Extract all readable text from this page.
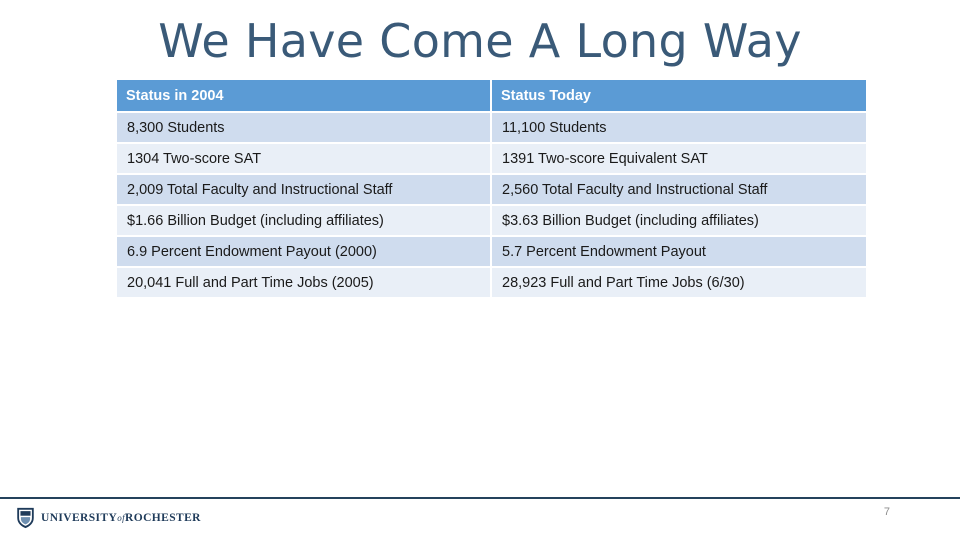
We Have Come A Long Way
Status in 2004	Status Today
8,300 Students	11,100 Students
1304 Two-score SAT	1391 Two-score Equivalent SAT
2,009 Total Faculty and Instructional Staff	2,560 Total Faculty and Instructional Staff
$1.66 Billion Budget (including affiliates)	$3.63 Billion Budget (including affiliates)
6.9 Percent Endowment Payout (2000)	5.7 Percent Endowment Payout
20,041 Full and Part Time Jobs (2005)	28,923 Full and Part Time Jobs (6/30)
UNIVERSITYofROCHESTER	7
